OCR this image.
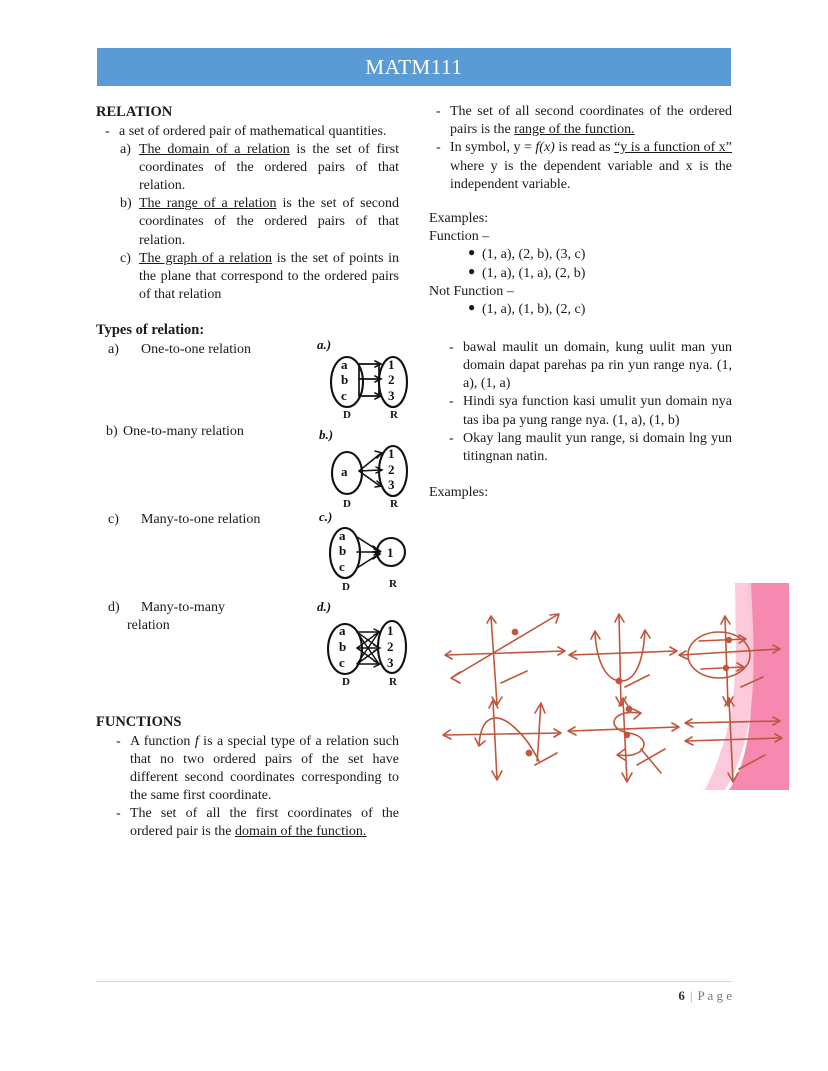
MATM111
RELATION
- a set of ordered pair of mathematical quantities.
a) The domain of a relation is the set of first coordinates of the ordered pairs of that relation.
b) The range of a relation is the set of second coordinates of the ordered pairs of that relation.
c) The graph of a relation is the set of points in the plane that correspond to the ordered pairs of that relation
Types of relation:
a) One-to-one relation	a.)
a
b
c
1
2
3
D	R
b) One-to-many relation	b.)
a
1
2
3
D	R
c) Many-to-one relation	c.)
a
b
c
1
D	R
d) Many-to-many relation
d.)
a
b
c
1
2
3
D	R
FUNCTIONS
- A function f is a special type of a relation such that no two ordered pairs of the set have different second coordinates corresponding to the same first coordinate.
- The set of all the first coordinates of the ordered pair is the domain of the function.
- The set of all second coordinates of the ordered pairs is the range of the function.
- In symbol, y = f(x) is read as “y is a function of x” where y is the dependent variable and x is the independent variable.

Examples:

Function –

● (1, a), (2, b), (3, c)
● (1, a), (1, a), (2, b)

Not Function –

● (1, a), (1, b), (2, c)
- bawal maulit un domain, kung uulit man yun domain dapat parehas pa rin yun range nya. (1, a), (1, a)
- Hindi sya function kasi umulit yun domain nya tas iba pa yung range nya. (1, a), (1, b)
- Okay lang maulit yun range, si domain lng yun titingnan natin.

Examples:

6 | P a g e
